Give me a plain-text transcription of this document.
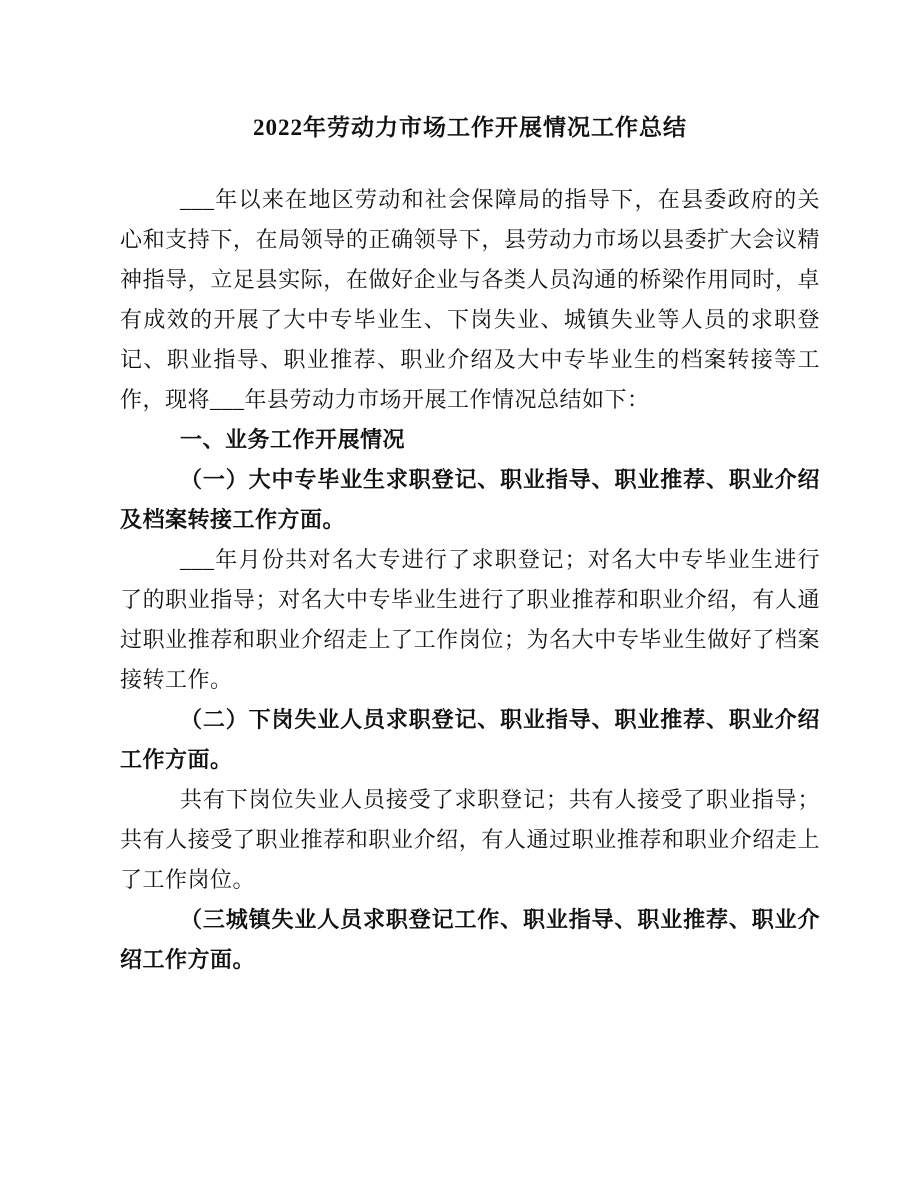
2022年劳动力市场工作开展情况工作总结

___年以来在地区劳动和社会保障局的指导下，在县委政府的关心和支持下，在局领导的正确领导下，县劳动力市场以县委扩大会议精神指导，立足县实际，在做好企业与各类人员沟通的桥梁作用同时，卓有成效的开展了大中专毕业生、下岗失业、城镇失业等人员的求职登记、职业指导、职业推荐、职业介绍及大中专毕业生的档案转接等工作，现将___年县劳动力市场开展工作情况总结如下：

一、业务工作开展情况

（一）大中专毕业生求职登记、职业指导、职业推荐、职业介绍及档案转接工作方面。

___年月份共对名大专进行了求职登记；对名大中专毕业生进行了的职业指导；对名大中专毕业生进行了职业推荐和职业介绍，有人通过职业推荐和职业介绍走上了工作岗位；为名大中专毕业生做好了档案接转工作。

（二）下岗失业人员求职登记、职业指导、职业推荐、职业介绍工作方面。

共有下岗位失业人员接受了求职登记；共有人接受了职业指导；共有人接受了职业推荐和职业介绍，有人通过职业推荐和职业介绍走上了工作岗位。

（三城镇失业人员求职登记工作、职业指导、职业推荐、职业介绍工作方面。
